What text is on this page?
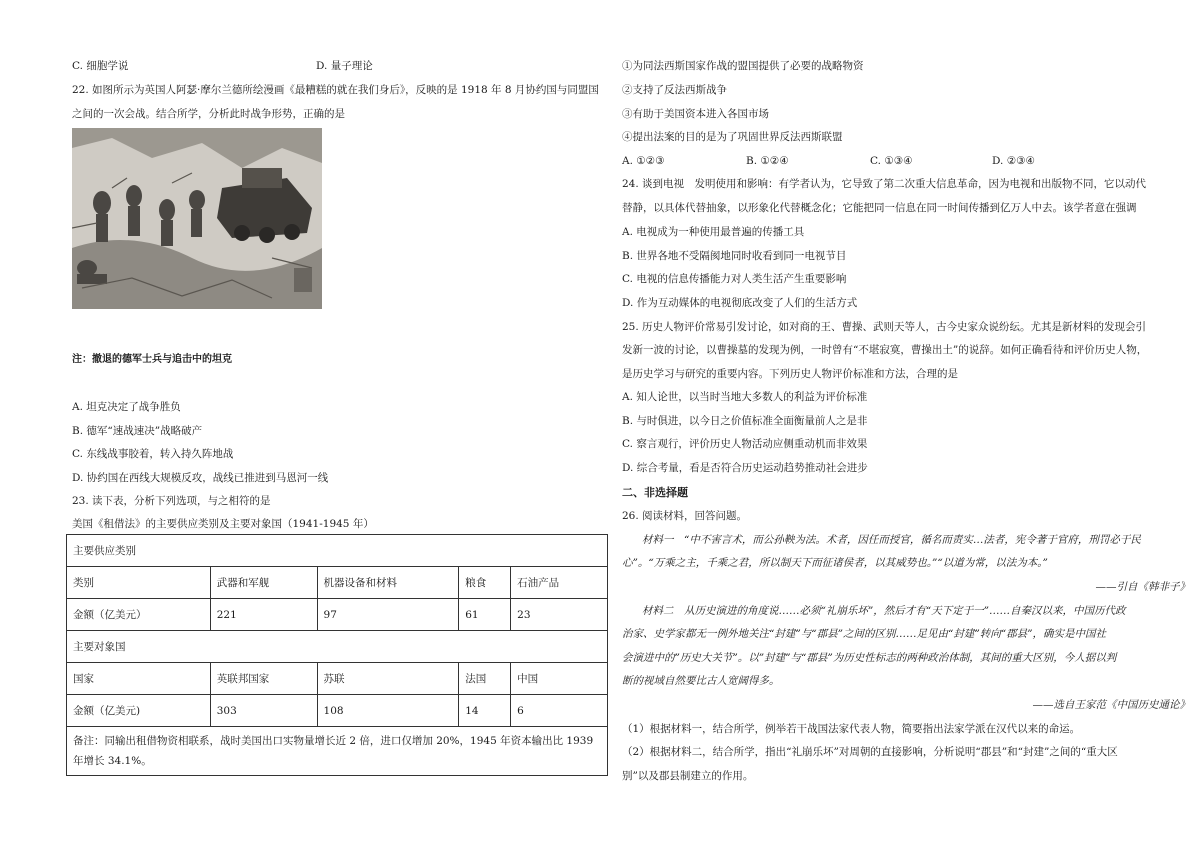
C. 细胞学说	D. 量子理论
22. 如图所示为英国人阿瑟·摩尔兰德所绘漫画《最糟糕的就在我们身后》，反映的是 1918 年 8 月协约国与同盟国
之间的一次会战。结合所学，分析此时战争形势，正确的是
注：撤退的德军士兵与追击中的坦克
A. 坦克决定了战争胜负
B. 德军“速战速决”战略破产
C. 东线战事胶着，转入持久阵地战
D. 协约国在西线大规模反攻，战线已推进到马恩河一线
23. 读下表，分析下列选项，与之相符的是
美国《租借法》的主要供应类别及主要对象国（1941-1945 年）
主要供应类别				
类别	武器和军舰	机器设备和材料	粮食	石油产品
金额（亿美元）	221	97	61	23
主要对象国				
国家	英联邦国家	苏联	法国	中国
金额（亿美元)	303	108	14	6
备注：同输出租借物资相联系，战时美国出口实物量增长近 2 倍，进口仅增加 20%，1945 年资本输出比 1939 年增长 34.1%。				
①为同法西斯国家作战的盟国提供了必要的战略物资
②支持了反法西斯战争
③有助于美国资本进入各国市场
④提出法案的目的是为了巩固世界反法西斯联盟
A. ①②③	B. ①②④	C. ①③④	D. ②③④
24. 谈到电视　发明使用和影响：有学者认为，它导致了第二次重大信息革命，因为电视和出版物不同，它以动代
替静，以具体代替抽象，以形象化代替概念化；它能把同一信息在同一时间传播到亿万人中去。该学者意在强调
A. 电视成为一种使用最普遍的传播工具
B. 世界各地不受隔阂地同时收看到同一电视节目
C. 电视的信息传播能力对人类生活产生重要影响
D. 作为互动媒体的电视彻底改变了人们的生活方式
25. 历史人物评价常易引发讨论，如对商的王、曹操、武则天等人，古今史家众说纷纭。尤其是新材料的发现会引
发新一波的讨论，以曹操墓的发现为例，一时曾有“不堪寂寞，曹操出土”的说辞。如何正确看待和评价历史人物，
是历史学习与研究的重要内容。下列历史人物评价标准和方法，合理的是
A. 知人论世，以当时当地大多数人的利益为评价标准
B. 与时俱进，以今日之价值标准全面衡量前人之是非
C. 察言观行，评价历史人物活动应侧重动机而非效果
D. 综合考量，看是否符合历史运动趋势推动社会进步
二、非选择题
26. 阅读材料，回答问题。
材料一　“中不害言术，而公孙鞅为法。术者，因任而授官，循名而责实…法者，宪令著于官府，刑罚必于民
心”。“万乘之主，千乘之君，所以制天下而征诸侯者，以其威势也。”“以道为常，以法为本。”
——引自《韩非子》
材料二　从历史演进的角度说……必须“礼崩乐坏”，然后才有“天下定于一”……自秦汉以来，中国历代政
治家、史学家都无一例外地关注“封建”与“郡县”之间的区别……足见由“封建”转向“郡县”，确实是中国社
会演进中的”历史大关节”。以”封建”与“郡县”为历史性标志的两种政治体制，其间的重大区别，今人据以判
断的视域自然要比古人宽阔得多。
——选自王家范《中国历史通论》
（1）根据材料一，结合所学，例举若干战国法家代表人物，简要指出法家学派在汉代以来的命运。
（2）根据材料二，结合所学，指出“礼崩乐坏”对周朝的直接影响，分析说明“郡县”和“封建”之间的“重大区
别”以及郡县制建立的作用。
